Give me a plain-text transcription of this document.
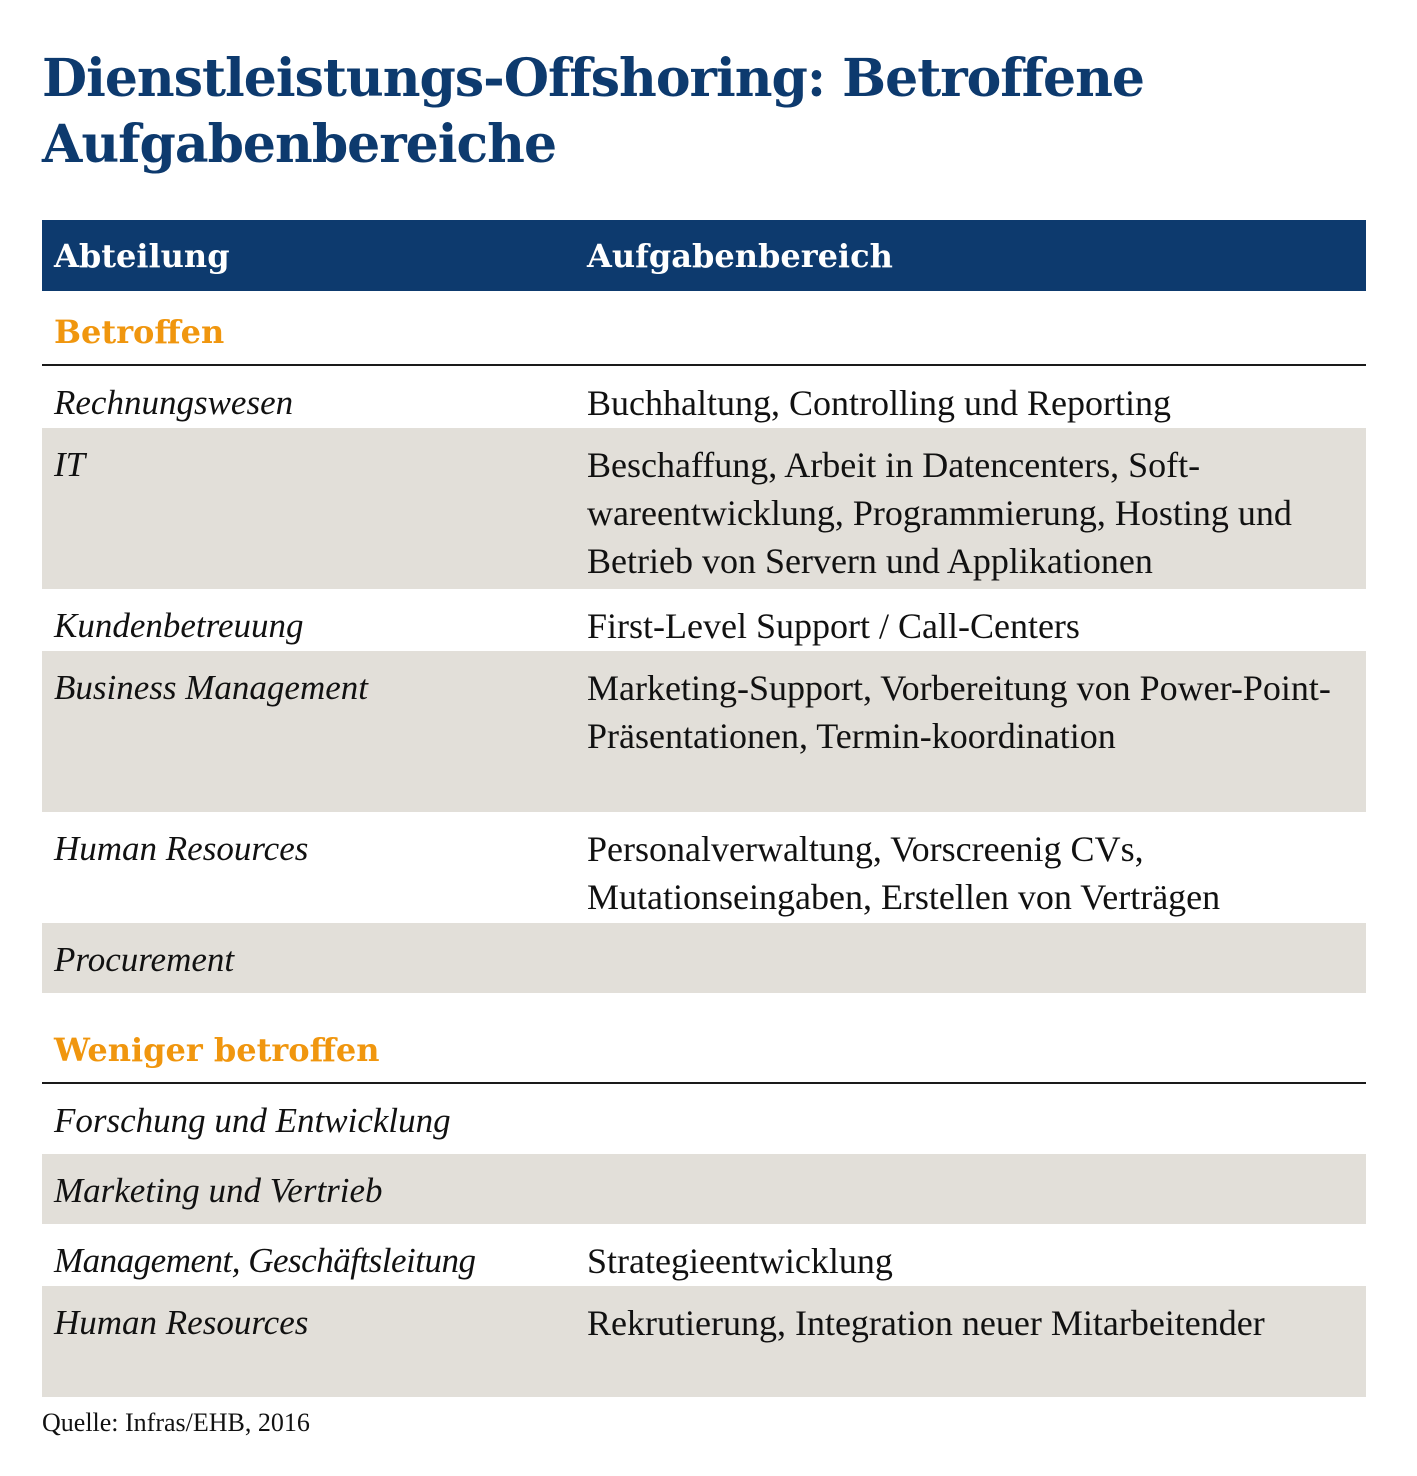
Dienstleistungs-Offshoring: Betroffene Aufgabenbereiche
Abteilung	Aufgabenbereich
Betroffen
Rechnungswesen	Buchhaltung, Controlling und Reporting
IT	Beschaffung, Arbeit in Datencenters, Soft-wareentwicklung, Programmierung, Hosting und Betrieb von Servern und Applikationen
Kundenbetreuung	First-Level Support / Call-Centers
Business Management	Marketing-Support, Vorbereitung von Power-Point-Präsentationen, Termin-koordination
Human Resources	Personalverwaltung, Vorscreenig CVs, Mutationseingaben, Erstellen von Verträgen
Procurement
Weniger betroffen
Forschung und Entwicklung
Marketing und Vertrieb
Management, Geschäftsleitung	Strategieentwicklung
Human Resources	Rekrutierung, Integration neuer Mitarbeitender
Quelle: Infras/EHB, 2016
